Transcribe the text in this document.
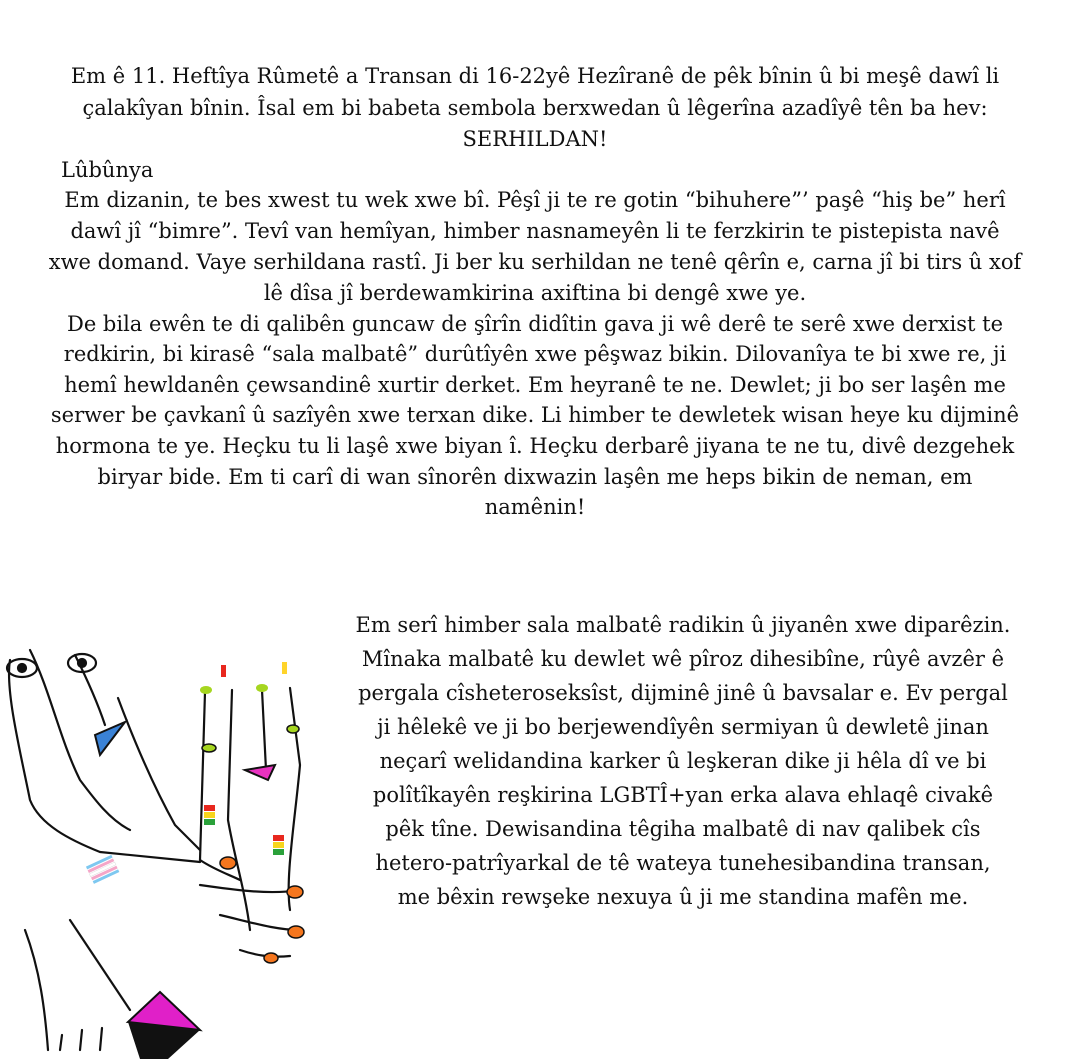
Em ê 11. Heftîya Rûmetê a Transan di 16-22yê Hezîranê de pêk bînin û bi meşê dawî li
çalakîyan bînin. Îsal em bi babeta sembola berxwedan û lêgerîna azadîyê tên ba hev:
SERHILDAN!
Lûbûnya
Em dizanin, te bes xwest tu wek xwe bî. Pêşî ji te re gotin “bihuhere”’ paşê “hiş be” herî
dawî jî “bimre”. Tevî van hemîyan, himber nasnameyên li te ferzkirin te pistepista navê
xwe domand. Vaye serhildana rastî. Ji ber ku serhildan ne tenê qêrîn e, carna jî bi tirs û xof
lê dîsa jî berdewamkirina axiftina bi dengê xwe ye.
De bila ewên te di qalibên guncaw de şîrîn didîtin gava ji wê derê te serê xwe derxist te
redkirin, bi kirasê “sala malbatê” durûtîyên xwe pêşwaz bikin. Dilovanîya te bi xwe re, ji
hemî hewldanên çewsandinê xurtir derket. Em heyranê te ne. Dewlet; ji bo ser laşên me
serwer be çavkanî û sazîyên xwe terxan dike. Li himber te dewletek wisan heye ku dijminê
hormona te ye. Heçku tu li laşê xwe biyan î. Heçku derbarê jiyana te ne tu, divê dezgehek
biryar bide. Em ti carî di wan sînorên dixwazin laşên me heps bikin de neman, em
namênin!
Em serî himber sala malbatê radikin û jiyanên xwe diparêzin.
Mînaka malbatê ku dewlet wê pîroz dihesibîne, rûyê avzêr ê
pergala cîsheteroseksîst, dijminê jinê û bavsalar e. Ev pergal
ji hêlekê ve ji bo berjewendîyên sermiyan û dewletê jinan
neçarî welidandina karker û leşkeran dike ji hêla dî ve bi
polîtîkayên reşkirina LGBTÎ+yan erka alava ehlaqê civakê
pêk tîne. Dewisandina têgiha malbatê di nav qalibek cîs
hetero-patrîyarkal de tê wateya tunehesibandina transan,
me bêxin rewşeke nexuya û ji me standina mafên me.
